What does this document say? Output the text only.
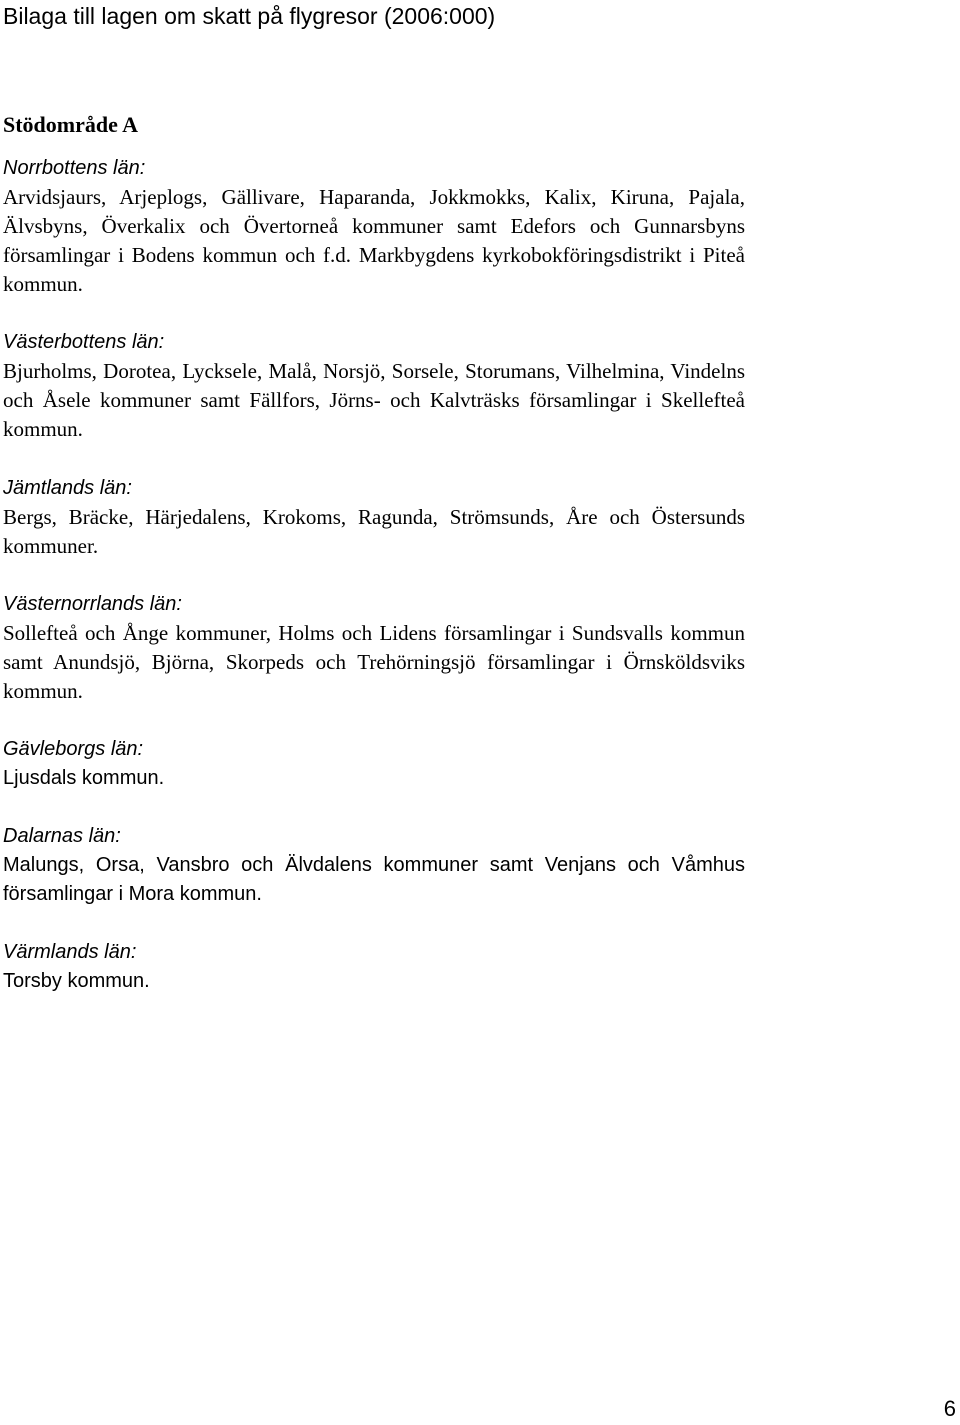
Bilaga till lagen om skatt på flygresor (2006:000)
Stödområde A

Norrbottens län:

Arvidsjaurs, Arjeplogs, Gällivare, Haparanda, Jokkmokks, Kalix, Kiruna, Pajala, Älvsbyns, Överkalix och Övertorneå kommuner samt Edefors och Gunnarsbyns församlingar i Bodens kommun och f.d. Markbygdens kyrkobokföringsdistrikt i Piteå kommun.

Västerbottens län:

Bjurholms, Dorotea, Lycksele, Malå, Norsjö, Sorsele, Storumans, Vilhelmina, Vindelns och Åsele kommuner samt Fällfors, Jörns- och Kalvträsks församlingar i Skellefteå kommun.

Jämtlands län:

Bergs, Bräcke, Härjedalens, Krokoms, Ragunda, Strömsunds, Åre och Östersunds kommuner.

Västernorrlands län:

Sollefteå och Ånge kommuner, Holms och Lidens församlingar i Sundsvalls kommun samt Anundsjö, Björna, Skorpeds och Trehörningsjö församlingar i Örnsköldsviks kommun.

Gävleborgs län:

Ljusdals kommun.

Dalarnas län:

Malungs, Orsa, Vansbro och Älvdalens kommuner samt Venjans och Våmhus församlingar i Mora kommun.

Värmlands län:

Torsby kommun.

6
